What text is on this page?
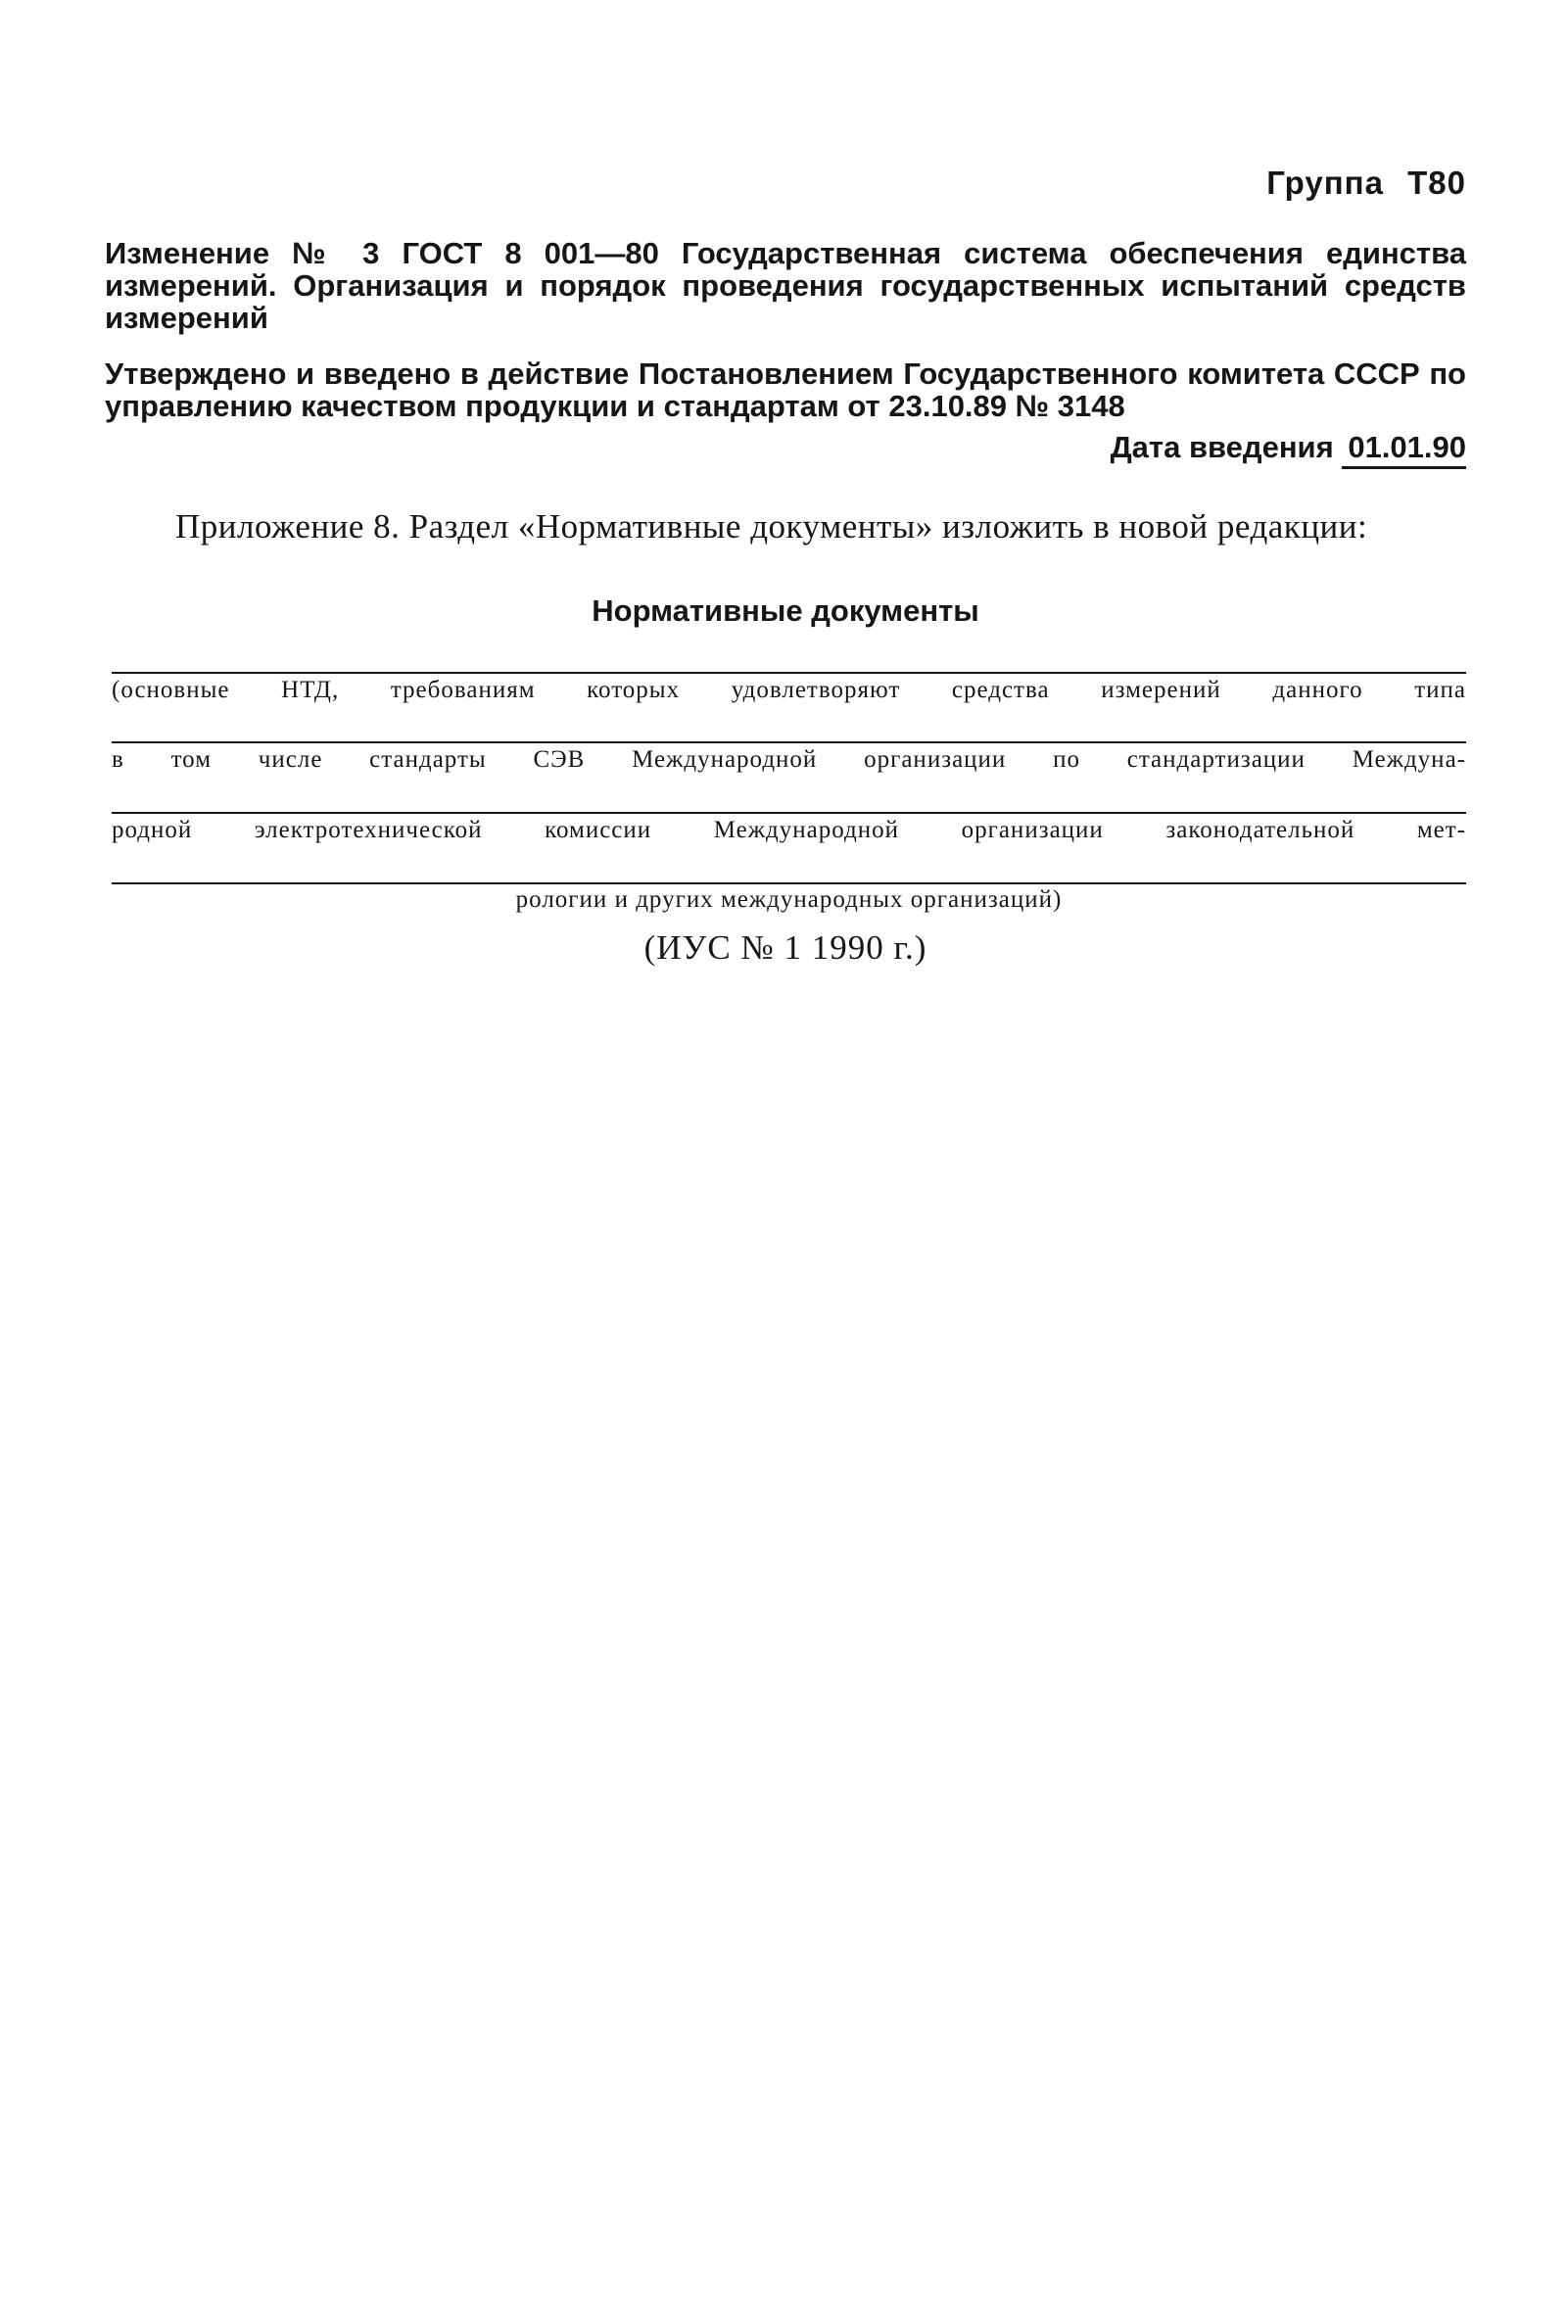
Группа Т80
Изменение № 3 ГОСТ 8 001—80 Государственная система обеспечения единства измерений. Организация и порядок проведения государственных испытаний средств измерений
Утверждено и введено в действие Постановлением Государственного комитета СССР по управлению качеством продукции и стандартам от 23.10.89 № 3148
Дата введения 01.01.90
Приложение 8. Раздел «Нормативные документы» изложить в новой редакции:
Нормативные документы
(основные НТД, требованиям которых удовлетворяют средства измерений данного типа
в том числе стандарты СЭВ Международной организации по стандартизации Междуна-
родной электротехнической комиссии Международной организации законодательной мет-
рологии и других международных организаций)
(ИУС № 1 1990 г.)
